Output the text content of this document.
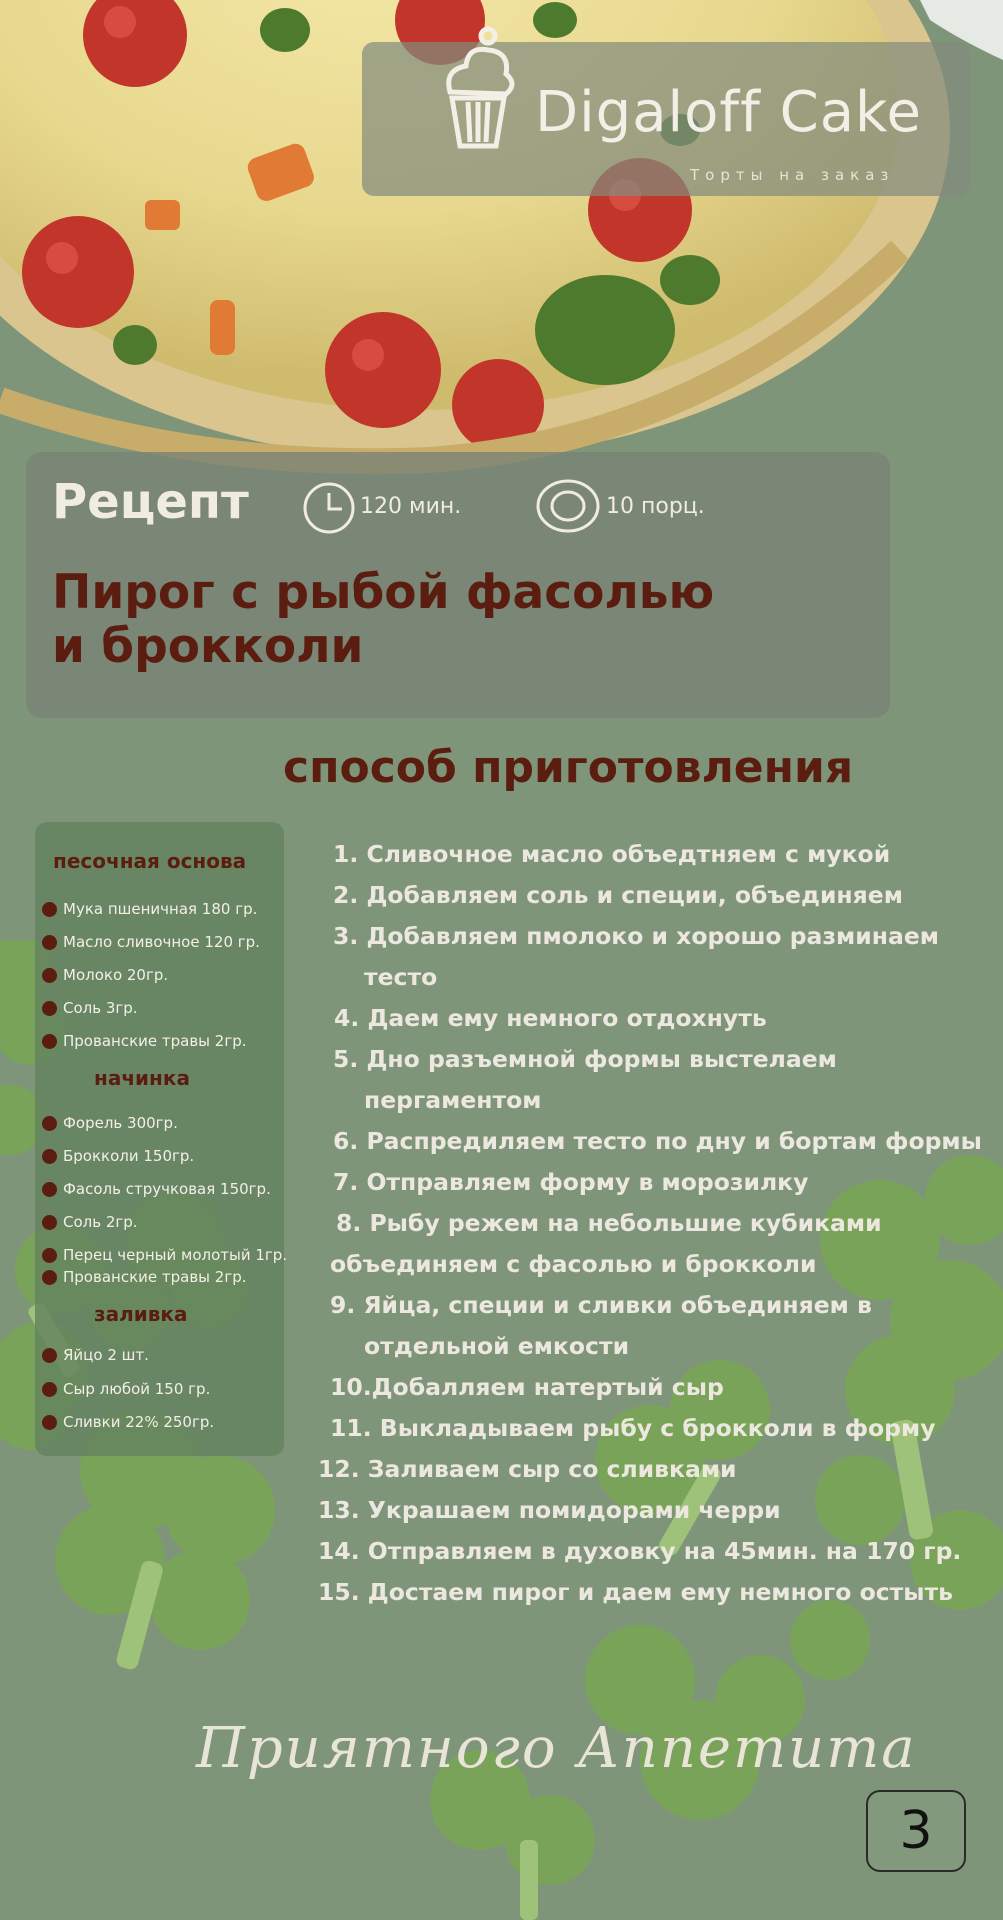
Digaloff Cake
Торты на заказ
Рецепт	120 мин.	10 порц.
Пирог с рыбой фасолью
и брокколи
способ приготовления
песочная основа
Мука пшеничная 180 гр.
Масло сливочное 120 гр.
Молоко 20гр.
Соль 3гр.
Прованские травы 2гр.
начинка
Форель 300гр.
Брокколи 150гр.
Фасоль стручковая 150гр.
Соль 2гр.
Перец черный молотый 1гр.
Прованские травы 2гр.
заливка
Яйцо 2 шт.
Сыр любой 150 гр.
Сливки 22% 250гр.
1. Сливочное масло объедтняем с мукой
2. Добавляем соль и специи, объединяем
3. Добавляем пмолоко и хорошо разминаем
тесто
4. Даем ему немного отдохнуть
5. Дно разъемной формы выстелаем
пергаментом
6. Распредиляем тесто по дну и бортам формы
7. Отправляем форму в морозилку
8. Рыбу режем на небольшие кубиками
объединяем с фасолью и брокколи
9. Яйца, специи и сливки объединяем в
отдельной емкости
10.Добалляем натертый сыр
11. Выкладываем рыбу с брокколи в форму
12. Заливаем сыр со сливками
13. Украшаем помидорами черри
14. Отправляем в духовку на 45мин. на 170 гр.
15. Достаем пирог и даем ему немного остыть
Приятного Аппетита
3
